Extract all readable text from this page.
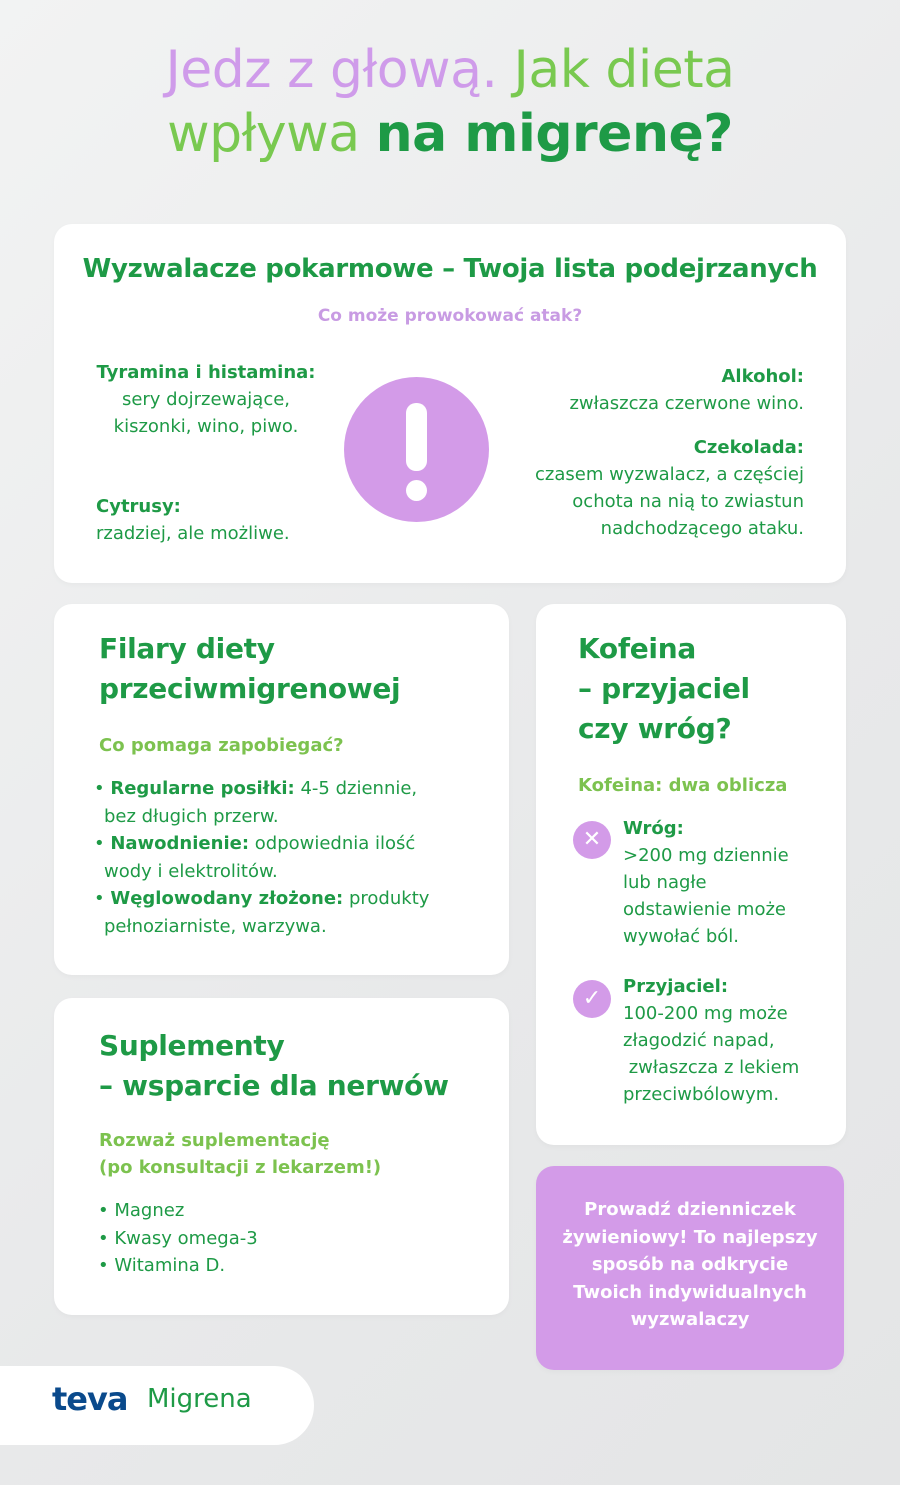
Jedz z głową. Jak dieta
wpływa na migrenę?
Wyzwalacze pokarmowe – Twoja lista podejrzanych
Co może prowokować atak?
Tyramina i histamina:
sery dojrzewające,
kiszonki, wino, piwo.
Cytrusy:
rzadziej, ale możliwe.
Alkohol:
zwłaszcza czerwone wino.
Czekolada:
czasem wyzwalacz, a częściej
ochota na nią to zwiastun
nadchodzącego ataku.
Filary diety
przeciwmigrenowej
Co pomaga zapobiegać?
• Regularne posiłki: 4-5 dziennie,
bez długich przerw.
• Nawodnienie: odpowiednia ilość
wody i elektrolitów.
• Węglowodany złożone: produkty
pełnoziarniste, warzywa.
Suplementy
– wsparcie dla nerwów
Rozważ suplementację
(po konsultacji z lekarzem!)
• Magnez
• Kwasy omega-3
• Witamina D.
Kofeina
– przyjaciel
czy wróg?
Kofeina: dwa oblicza
✕	Wróg:
>200 mg dziennie
lub nagłe
odstawienie może
wywołać ból.
✓	Przyjaciel:
100-200 mg może
złagodzić napad,
zwłaszcza z lekiem
przeciwbólowym.
Prowadź dzienniczek
żywieniowy! To najlepszy
sposób na odkrycie
Twoich indywidualnych
wyzwalaczy
teva Migrena
